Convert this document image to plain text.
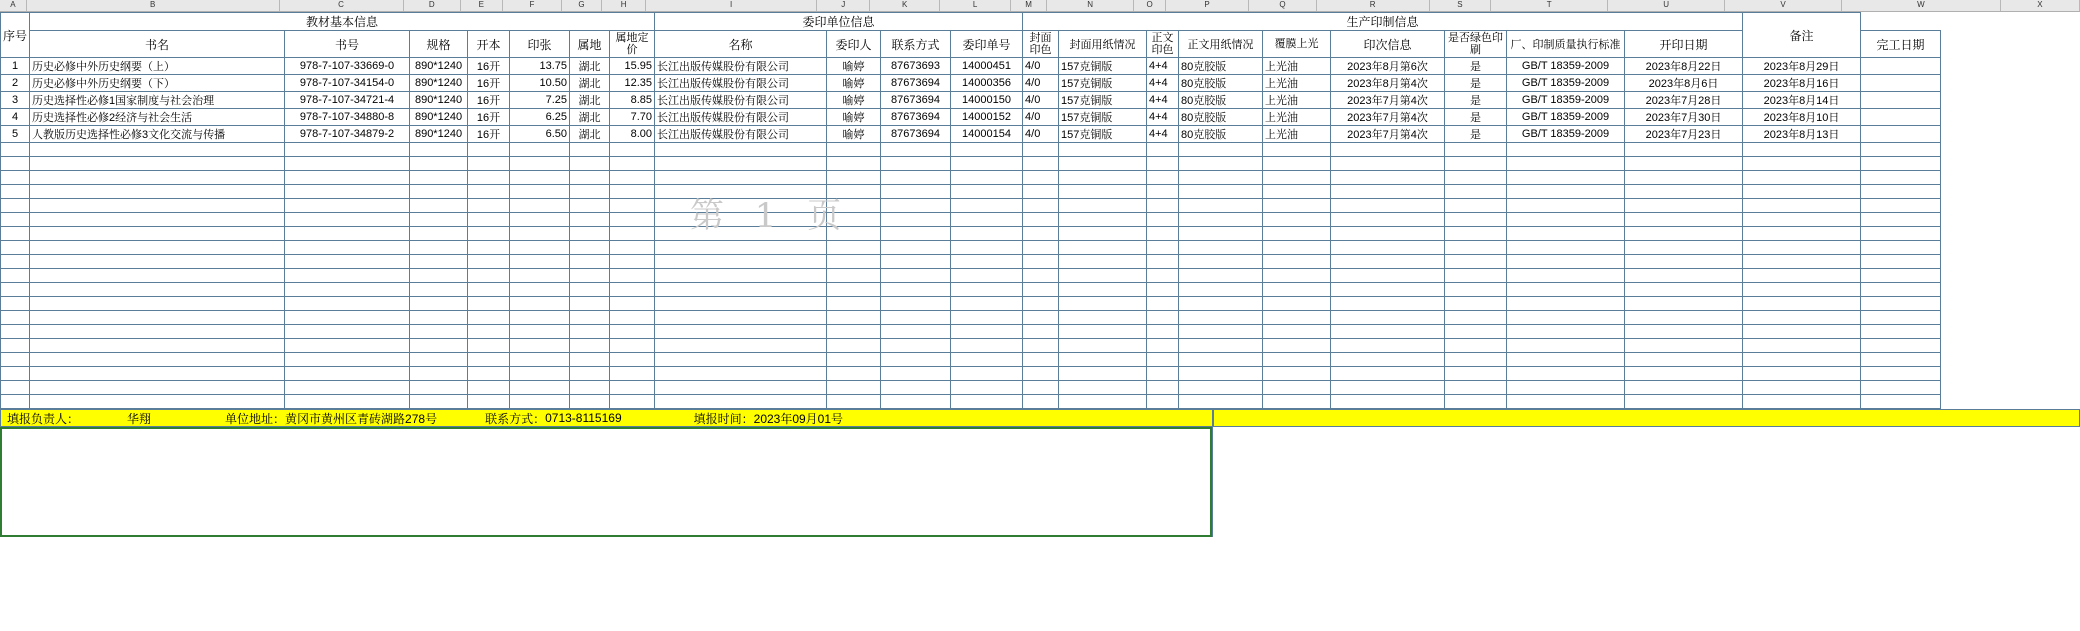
A	B	C	D	E	F	G	H	I	J	K	L	M	N	O	P	Q	R	S	T	U	V	W	X
序号	教材基本信息							委印单位信息				生产印制信息									备注	
	书名	书号	规格	开本	印张	属地	属地定价	名称	委印人	联系方式	委印单号	封面印色	封面用纸情况	正文印色	正文用纸情况	覆膜上光	印次信息	是否绿色印刷	厂、印制质量执行标准	开印日期		完工日期
1	历史必修中外历史纲要（上）	978-7-107-33669-0	890*1240	16开	13.75	湖北	15.95	长江出版传媒股份有限公司	喻婷	87673693	14000451	4/0	157克铜版	4+4	80克胶版	上光油	2023年8月第6次	是	GB/T 18359-2009	2023年8月22日	2023年8月29日	
2	历史必修中外历史纲要（下）	978-7-107-34154-0	890*1240	16开	10.50	湖北	12.35	长江出版传媒股份有限公司	喻婷	87673694	14000356	4/0	157克铜版	4+4	80克胶版	上光油	2023年8月第4次	是	GB/T 18359-2009	2023年8月6日	2023年8月16日	
3	历史选择性必修1国家制度与社会治理	978-7-107-34721-4	890*1240	16开	7.25	湖北	8.85	长江出版传媒股份有限公司	喻婷	87673694	14000150	4/0	157克铜版	4+4	80克胶版	上光油	2023年7月第4次	是	GB/T 18359-2009	2023年7月28日	2023年8月14日	
4	历史选择性必修2经济与社会生活	978-7-107-34880-8	890*1240	16开	6.25	湖北	7.70	长江出版传媒股份有限公司	喻婷	87673694	14000152	4/0	157克铜版	4+4	80克胶版	上光油	2023年7月第4次	是	GB/T 18359-2009	2023年7月30日	2023年8月10日	
5	人教版历史选择性必修3文化交流与传播	978-7-107-34879-2	890*1240	16开	6.50	湖北	8.00	长江出版传媒股份有限公司	喻婷	87673694	14000154	4/0	157克铜版	4+4	80克胶版	上光油	2023年7月第4次	是	GB/T 18359-2009	2023年7月23日	2023年8月13日	

第 1 页
填报负责人：	华翔	单位地址： 黄冈市黄州区青砖湖路278号	联系方式： 0713-8115169	填报时间： 2023年09月01号
